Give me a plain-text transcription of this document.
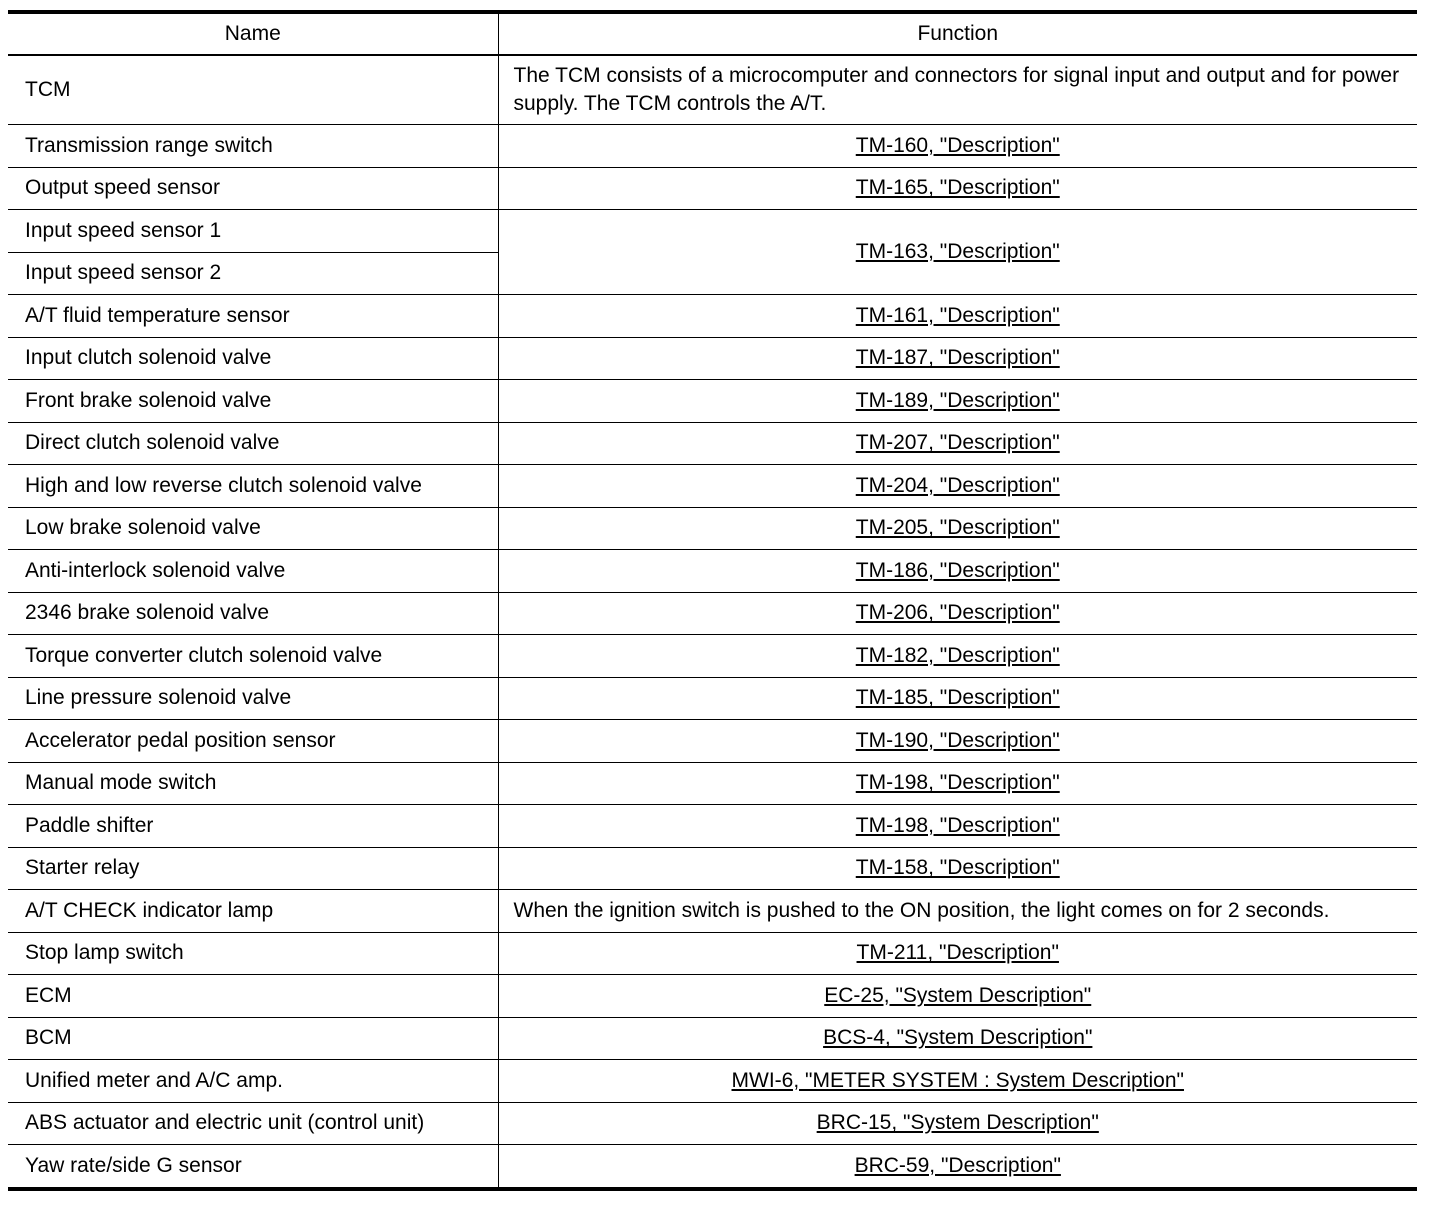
Name	Function
TCM	The TCM consists of a microcomputer and connectors for signal input and output and for power supply. The TCM controls the A/T.
Transmission range switch	TM-160, "Description"
Output speed sensor	TM-165, "Description"
Input speed sensor 1	TM-163, "Description"
Input speed sensor 2	
A/T fluid temperature sensor	TM-161, "Description"
Input clutch solenoid valve	TM-187, "Description"
Front brake solenoid valve	TM-189, "Description"
Direct clutch solenoid valve	TM-207, "Description"
High and low reverse clutch solenoid valve	TM-204, "Description"
Low brake solenoid valve	TM-205, "Description"
Anti-interlock solenoid valve	TM-186, "Description"
2346 brake solenoid valve	TM-206, "Description"
Torque converter clutch solenoid valve	TM-182, "Description"
Line pressure solenoid valve	TM-185, "Description"
Accelerator pedal position sensor	TM-190, "Description"
Manual mode switch	TM-198, "Description"
Paddle shifter	TM-198, "Description"
Starter relay	TM-158, "Description"
A/T CHECK indicator lamp	When the ignition switch is pushed to the ON position, the light comes on for 2 seconds.
Stop lamp switch	TM-211, "Description"
ECM	EC-25, "System Description"
BCM	BCS-4, "System Description"
Unified meter and A/C amp.	MWI-6, "METER SYSTEM : System Description"
ABS actuator and electric unit (control unit)	BRC-15, "System Description"
Yaw rate/side G sensor	BRC-59, "Description"
